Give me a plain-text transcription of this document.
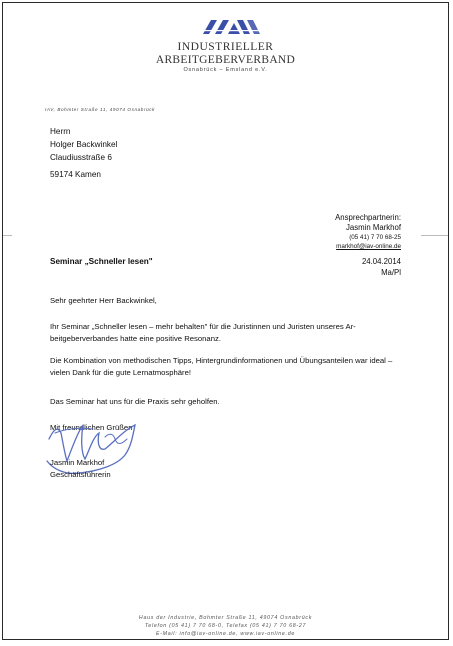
INDUSTRIELLER
ARBEITGEBERVERBAND
Osnabrück – Emsland e.V.
IAV, Bohmter Straße 11, 49074 Osnabrück
Herrn
Holger Backwinkel
Claudiusstraße 6
59174 Kamen
Ansprechpartnerin:
Jasmin Markhof
(05 41) 7 70 68-25
markhof@iav-online.de
Seminar „Schneller lesen"	24.04.2014
Ma/Pl
Sehr geehrter Herr Backwinkel,
Ihr Seminar „Schneller lesen – mehr behalten" für die Juristinnen und Juristen unseres Ar-beitgeberverbandes hatte eine positive Resonanz.
Die Kombination von methodischen Tipps, Hintergrundinformationen und Übungsanteilen war ideal – vielen Dank für die gute Lernatmosphäre!
Das Seminar hat uns für die Praxis sehr geholfen.
Mit freundlichen Grüßen
Jasmin Markhof
Geschäftsführerin
Haus der Industrie, Bohmter Straße 11, 49074 Osnabrück
Telefon (05 41) 7 70 68-0, Telefax (05 41) 7 70 68-27
E-Mail: info@iav-online.de, www.iav-online.de
